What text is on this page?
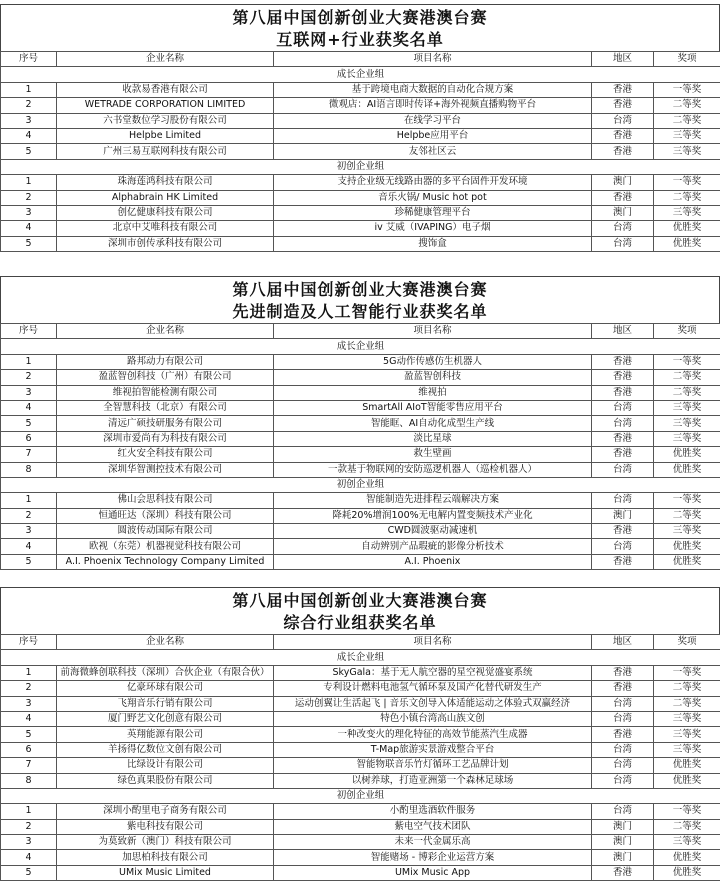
第八届中国创新创业大赛港澳台赛
互联网+行业获奖名单
序号	企业名称	项目名称	地区	奖项
成长企业组				
1	收款易香港有限公司	基于跨境电商大数据的自动化合规方案	香港	一等奖
2	WETRADE CORPORATION LIMITED	微观店：AI语言即时传译+海外视频直播购物平台	香港	二等奖
3	六书堂数位学习股份有限公司	在线学习平台	台湾	二等奖
4	Helpbe Limited	Helpbe应用平台	香港	三等奖
5	广州三易互联网科技有限公司	友邻社区云	香港	三等奖
初创企业组				
1	珠海莲鸿科技有限公司	支持企业级无线路由器的多平台固件开发环境	澳门	一等奖
2	Alphabrain HK Limited	音乐火锅/ Music hot pot	香港	二等奖
3	创亿健康科技有限公司	珍稀健康管理平台	澳门	三等奖
4	北京中艾唯科技有限公司	iv 艾威（IVAPING）电子烟	台湾	优胜奖
5	深圳市创传承科技有限公司	搜饰盒	台湾	优胜奖
第八届中国创新创业大赛港澳台赛
先进制造及人工智能行业获奖名单
序号	企业名称	项目名称	地区	奖项
成长企业组				
1	路邦动力有限公司	5G动作传感仿生机器人	香港	一等奖
2	盈蓝智创科技（广州）有限公司	盈蓝智创科技	香港	二等奖
3	维视拍智能检测有限公司	维视拍	香港	二等奖
4	全智慧科技（北京）有限公司	SmartAll AIoT智能零售应用平台	台湾	三等奖
5	清远广硕技研服务有限公司	智能眶、AI自动化成型生产线	台湾	三等奖
6	深圳市爱尚有为科技有限公司	淡比星球	香港	三等奖
7	红火安全科技有限公司	救生壁画	香港	优胜奖
8	深圳华智测控技术有限公司	一款基于物联网的安防巡逻机器人（巡检机器人）	台湾	优胜奖
初创企业组				
1	佛山会思科技有限公司	智能制造先进排程云端解决方案	台湾	一等奖
2	恒通旺达（深圳）科技有限公司	降耗20%增润100%无电解内置变频技术产业化	澳门	二等奖
3	圆波传动国际有限公司	CWD圆波驱动减速机	香港	三等奖
4	欧视（东莞）机器视觉科技有限公司	自动辨别产品瑕疵的影像分析技术	台湾	优胜奖
5	A.I. Phoenix Technology Company Limited	A.I. Phoenix	香港	优胜奖
第八届中国创新创业大赛港澳台赛
综合行业组获奖名单
序号	企业名称	项目名称	地区	奖项
成长企业组				
1	前海微蜂创联科技（深圳）合伙企业（有限合伙）	SkyGala：基于无人航空器的星空视觉盛宴系统	香港	一等奖
2	亿豪环球有限公司	专利设计燃料电池氢气循环泵及国产化替代研发生产	香港	二等奖
3	飞翔音乐行销有限公司	运动创翼让生活起飞 | 音乐文创导入体适能运动之体验式双赢经济	台湾	二等奖
4	厦门野艺文化创意有限公司	特色小镇台湾高山族文创	台湾	三等奖
5	英翔能源有限公司	一种改变火的理化特征的高效节能蒸汽生成器	香港	三等奖
6	羊扬得亿数位文创有限公司	T-Map旅游实景游戏整合平台	台湾	三等奖
7	比绿设计有限公司	智能物联音乐竹灯循环工艺品牌计划	台湾	优胜奖
8	绿色真果股份有限公司	以树养球，打造亚洲第一个森林足球场	台湾	优胜奖
初创企业组				
1	深圳小酌里电子商务有限公司	小酌里选酒软件服务	台湾	一等奖
2	紫电科技有限公司	紫电空气技术团队	澳门	二等奖
3	为莫致新（澳门）科技有限公司	未来一代金属乐高	澳门	三等奖
4	加思柏科技有限公司	智能赌场 - 博彩企业运营方案	澳门	优胜奖
5	UMix Music Limited	UMix Music App	香港	优胜奖
